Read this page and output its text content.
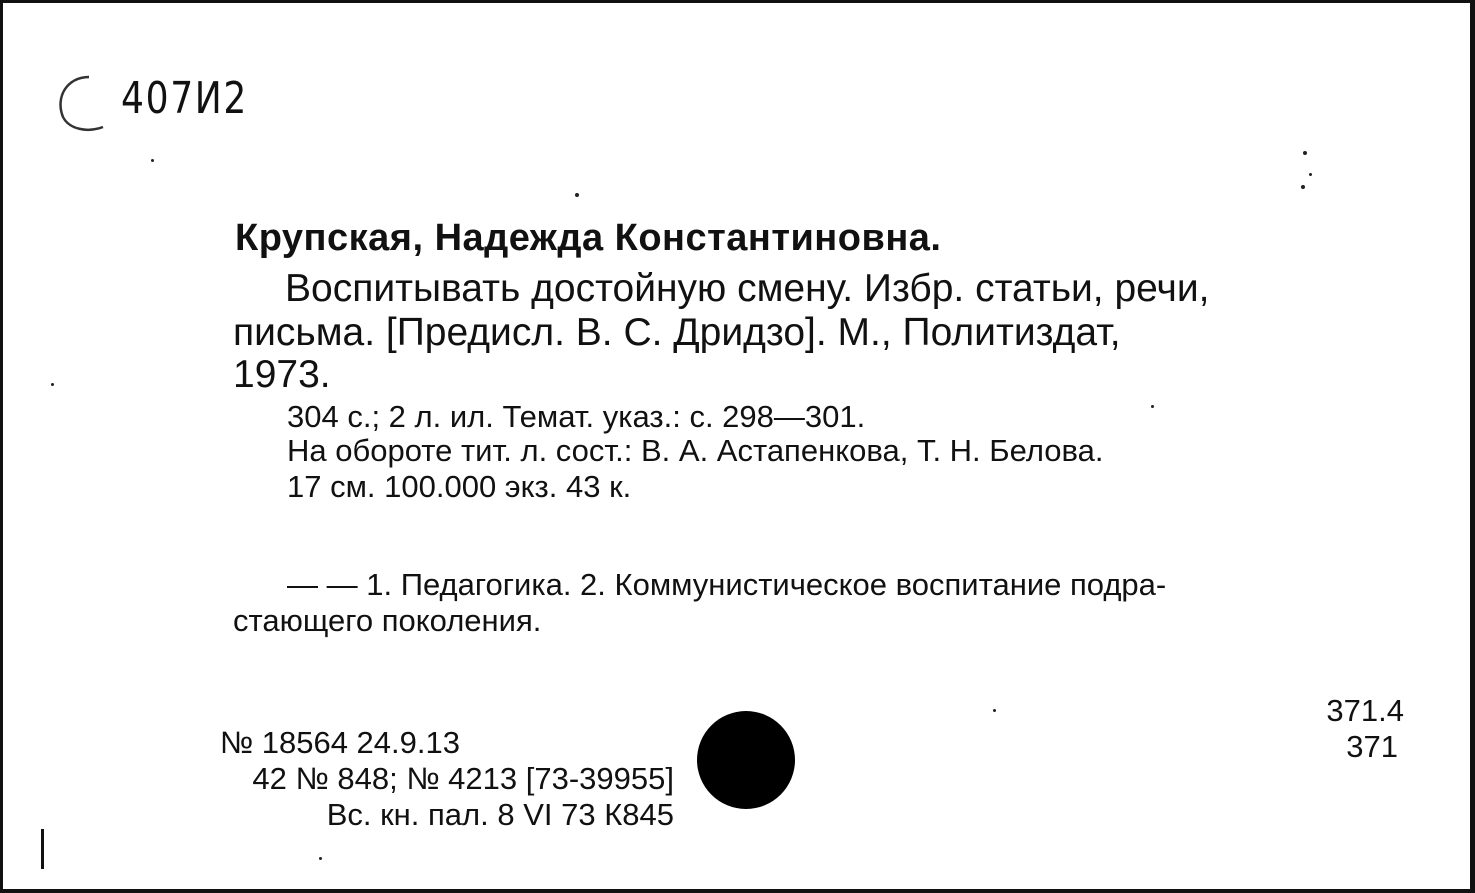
407И2
Крупская, Надежда Константиновна.
Воспитывать достойную смену. Избр. статьи, речи,
письма. [Предисл. В. С. Дридзо]. М., Политиздат,
1973.
304 с.; 2 л. ил. Темат. указ.: с. 298—301.
На обороте тит. л. сост.: В. А. Астапенкова, Т. Н. Белова.
17 см. 100.000 экз. 43 к.
— — 1. Педагогика. 2. Коммунистическое воспитание подра-
стающего поколения.
371.4
371
№ 18564 24.9.13
42 № 848; № 4213 [73-39955]
Вс. кн. пал. 8 VI 73 К845
